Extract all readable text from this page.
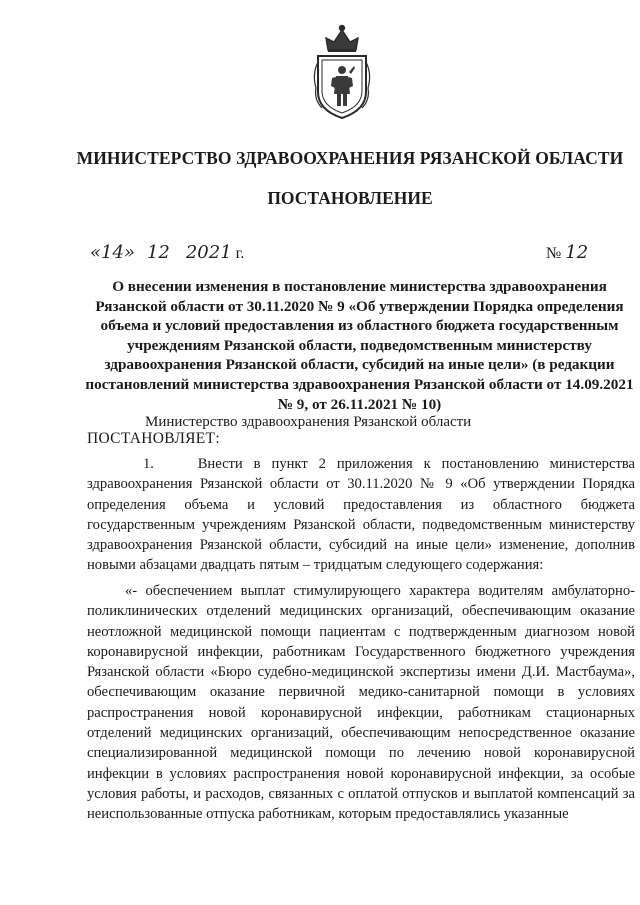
МИНИСТЕРСТВО ЗДРАВООХРАНЕНИЯ РЯЗАНСКОЙ ОБЛАСТИ
ПОСТАНОВЛЕНИЕ
«14» 12 2021 г.	№ 12
О внесении изменения в постановление министерства здравоохранения Рязанской области от 30.11.2020 № 9 «Об утверждении Порядка определения объема и условий предоставления из областного бюджета государственным учреждениям Рязанской области, подведомственным министерству здравоохранения Рязанской области, субсидий на иные цели» (в редакции постановлений министерства здравоохранения Рязанской области от 14.09.2021 № 9, от 26.11.2021 № 10)
Министерство здравоохранения Рязанской области
ПОСТАНОВЛЯЕТ:
1.    Внести в пункт 2 приложения к постановлению министерства здравоохранения Рязанской области от 30.11.2020 № 9 «Об утверждении Порядка определения объема и условий предоставления из областного бюджета государственным учреждениям Рязанской области, подведомственным министерству здравоохранения Рязанской области, субсидий на иные цели» изменение, дополнив новыми абзацами двадцать пятым – тридцатым следующего содержания:
«- обеспечением выплат стимулирующего характера водителям амбулаторно-поликлинических отделений медицинских организаций, обеспечивающим оказание неотложной медицинской помощи пациентам с подтвержденным диагнозом новой коронавирусной инфекции, работникам Государственного бюджетного учреждения Рязанской области «Бюро судебно-медицинской экспертизы имени Д.И. Мастбаума», обеспечивающим оказание первичной медико-санитарной помощи в условиях распространения новой коронавирусной инфекции, работникам стационарных отделений медицинских организаций, обеспечивающим непосредственное оказание специализированной медицинской помощи по лечению новой коронавирусной инфекции в условиях распространения новой коронавирусной инфекции, за особые условия работы, и расходов, связанных с оплатой отпусков и выплатой компенсаций за неиспользованные отпуска работникам, которым предоставлялись указанные
